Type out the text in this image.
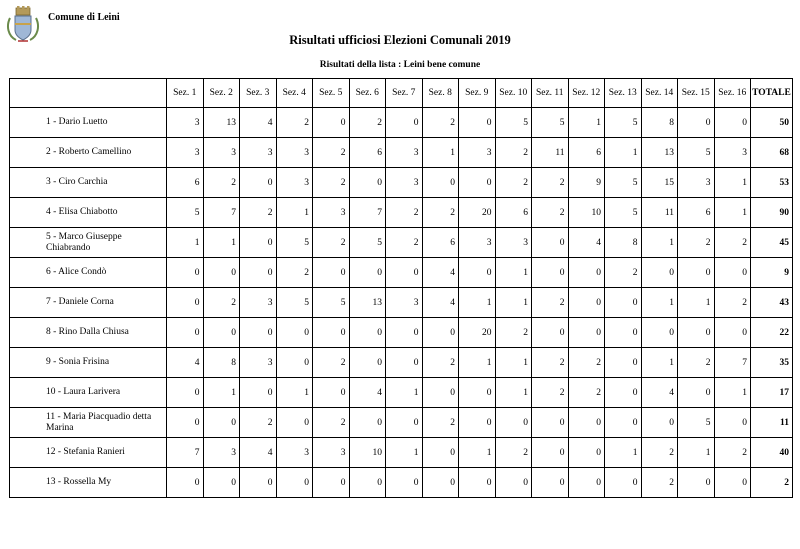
Comune di Leini
Risultati ufficiosi Elezioni Comunali 2019
Risultati della lista : Leini bene comune
	Sez. 1	Sez. 2	Sez. 3	Sez. 4	Sez. 5	Sez. 6	Sez. 7	Sez. 8	Sez. 9	Sez. 10	Sez. 11	Sez. 12	Sez. 13	Sez. 14	Sez. 15	Sez. 16	TOTALE
1 - Dario Luetto	3	13	4	2	0	2	0	2	0	5	5	1	5	8	0	0	50
2 - Roberto Camellino	3	3	3	3	2	6	3	1	3	2	11	6	1	13	5	3	68
3 - Ciro Carchia	6	2	0	3	2	0	3	0	0	2	2	9	5	15	3	1	53
4 - Elisa Chiabotto	5	7	2	1	3	7	2	2	20	6	2	10	5	11	6	1	90
5 - Marco Giuseppe Chiabrando	1	1	0	5	2	5	2	6	3	3	0	4	8	1	2	2	45
6 - Alice Condò	0	0	0	2	0	0	0	4	0	1	0	0	2	0	0	0	9
7 - Daniele Corna	0	2	3	5	5	13	3	4	1	1	2	0	0	1	1	2	43
8 - Rino Dalla Chiusa	0	0	0	0	0	0	0	0	20	2	0	0	0	0	0	0	22
9 - Sonia Frisina	4	8	3	0	2	0	0	2	1	1	2	2	0	1	2	7	35
10 - Laura Larivera	0	1	0	1	0	4	1	0	0	1	2	2	0	4	0	1	17
11 - Maria Piacquadio detta Marina	0	0	2	0	2	0	0	2	0	0	0	0	0	0	5	0	11
12 - Stefania Ranieri	7	3	4	3	3	10	1	0	1	2	0	0	1	2	1	2	40
13 - Rossella My	0	0	0	0	0	0	0	0	0	0	0	0	0	2	0	0	2
